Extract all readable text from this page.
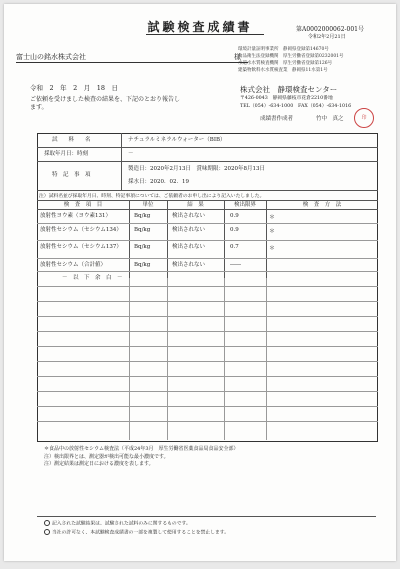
試験検査成績書	第A0002000062-001号
令和2年2月21日
環境計量証明事業所　静岡県登録第14670号
食品衛生法登録機関　厚生労働省登録第0232001号
水道水水質検査機関　厚生労働省登録第126号
建築物飲料水水質検査業　静岡県11水第1号
富士山の銘水株式会社	様
令和　2　年　2　月　18　日
ご依頼を受けました検査の結果を、下記のとおり報告します。
株式会社　静環検査センター
〒426-0043　静岡県藤枝市花倉2210番地
TEL（054）-634-1000　FAX（054）-634-1016
成績書作成者	竹中　真之	印
試　　料　　名	ナチュラルミネラルウォーター（BIB）
採取年月日：時刻	－
特　記　事　項
製造日：2020年2月13日　賞味期限：2020年8月13日
採水日：2020．02．19
注）試料名並び採取年月日、時刻、特記事項については、ご依頼者のお申し出により記入いたしました。
検　査　項　目	単位	結　果	検出限界	検　査　方　法
放射性ヨウ素（ヨウ素131）	Bq/kg	検出されない	0.9	＊
放射性セシウム（セシウム134） Bq/kg	検出されない	0.9	＊
放射性セシウム（セシウム137） Bq/kg	検出されない	0.7	＊
放射性セシウム（合計値）	Bq/kg	検出されない	――
－　以　下　余　白　－
＊食品中の放射性セシウム検査法（平成24年3月　厚生労働省医薬食品局食品安全部）
注）検出限界とは、測定器が検出可能な最小濃度です。
注）測定結果は測定日における濃度を表します。
記入された試験結果は、試験された試料のみに関するものです。
当社の許可なく、本試験検査成績書の一部を複製して使用することを禁止します。
